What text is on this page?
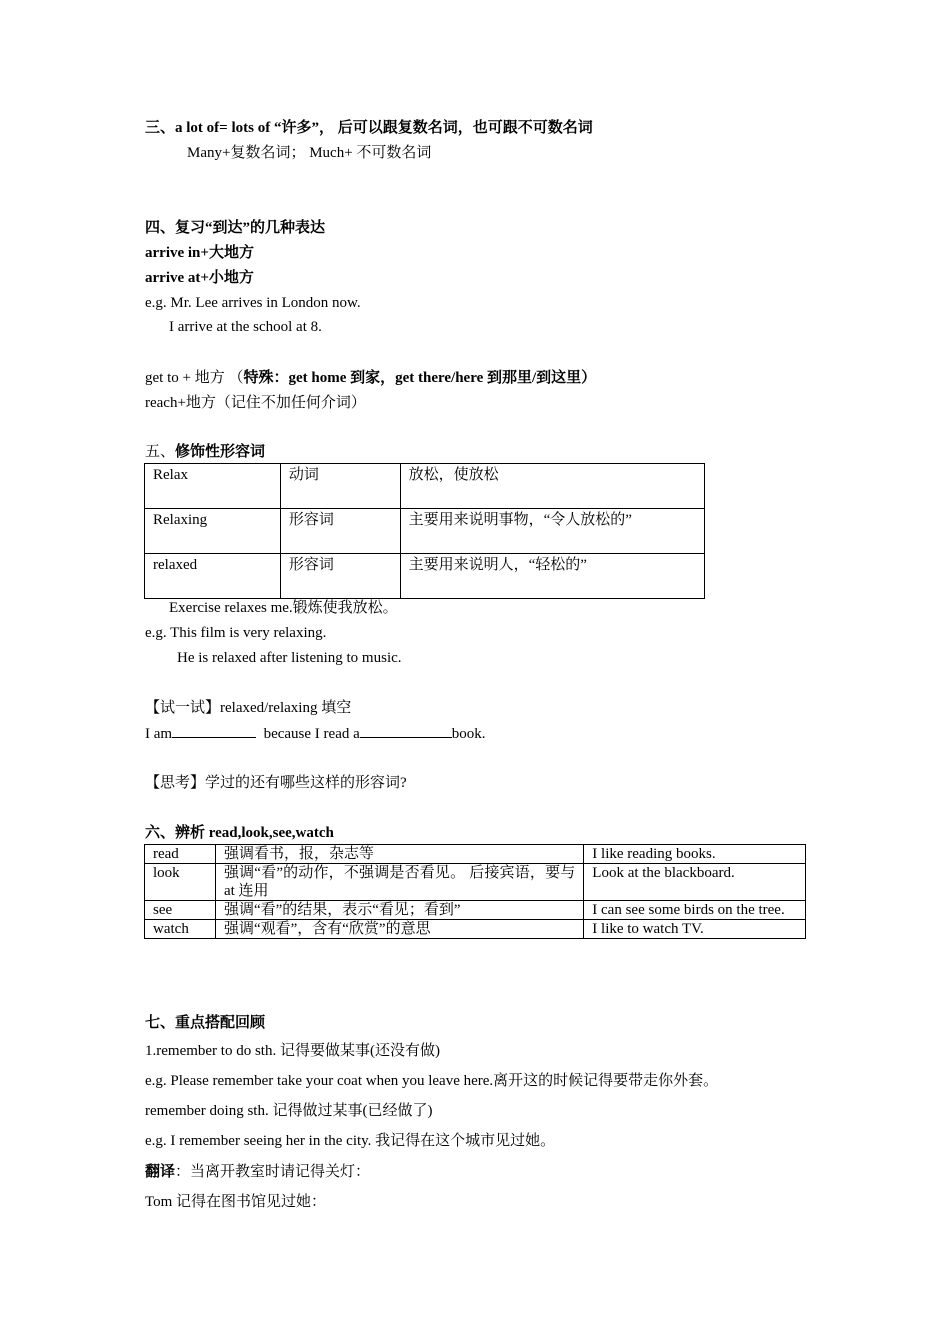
三、a lot of= lots of “许多”， 后可以跟复数名词，也可跟不可数名词
Many+复数名词； Much+ 不可数名词
四、复习“到达”的几种表达
arrive in+大地方
arrive at+小地方
e.g. Mr. Lee arrives in London now.
I arrive at the school at 8.
get to + 地方 （特殊：get home 到家，get there/here 到那里/到这里）
reach+地方（记住不加任何介词）
五、修饰性形容词
Relax	动词	放松，使放松
Relaxing	形容词	主要用来说明事物，“令人放松的”
relaxed	形容词	主要用来说明人，“轻松的”
Exercise relaxes me.锻炼使我放松。
e.g. This film is very relaxing.
He is relaxed after listening to music.
【试一试】relaxed/relaxing 填空
I am	because I read a	book.
【思考】学过的还有哪些这样的形容词?
六、辨析 read,look,see,watch
read	强调看书，报，杂志等	I like reading books.
look	强调“看”的动作，不强调是否看见。 后接宾语，要与 at 连用	Look at the blackboard.
see	强调“看”的结果，表示“看见；看到”	I can see some birds on the tree.
watch	强调“观看”，含有“欣赏”的意思	I like to watch TV.
七、重点搭配回顾
1.remember to do sth. 记得要做某事(还没有做)
e.g. Please remember take your coat when you leave here.离开这的时候记得要带走你外套。
remember doing sth. 记得做过某事(已经做了)
e.g. I remember seeing her in the city. 我记得在这个城市见过她。
翻译：当离开教室时请记得关灯：
Tom 记得在图书馆见过她：
